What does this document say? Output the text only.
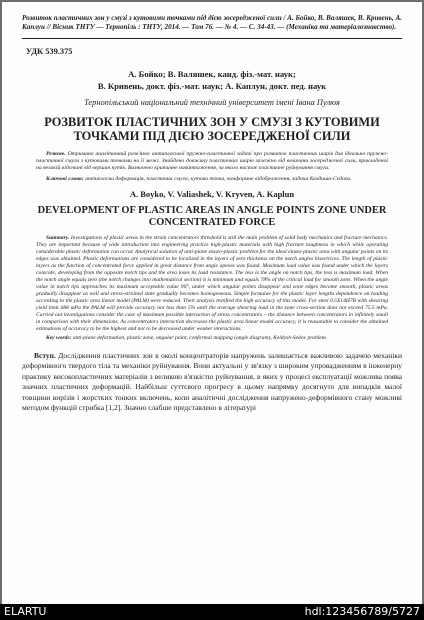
Розвиток пластичних зон у смузі з кутовими точками під дією зосередженої сили / А. Бойко, В. Валяшек, В. Кривень, А. Каплун // Вісник ТНТУ — Тернопіль : ТНТУ, 2014. — Том 76. — № 4. — С. 34-43. — (Механіка та матеріалознавство).

УДК 539.375

А. Бойко; В. Валяшек, канд. фіз.-мат. наук;

В. Кривень, докт. фіз.-мат. наук; А. Каплун, докт. пед. наук

Тернопільський національний технічний університет імені Івана Пулюя

РОЗВИТОК ПЛАСТИЧНИХ ЗОН У СМУЗІ З КУТОВИМИ ТОЧКАМИ ПІД ДІЄЮ ЗОСЕРЕДЖЕНОЇ СИЛИ

Резюме. Отримано аналітичний розв'язок антиплоської пружно-пластичної задачі про розвиток пластичних шарів для ідеально пружно-пластичної смуги з кутовими точками на її межі. Знайдено довжину пластичних шарів залежно від величини зосередженої сили, прикладеної на великій відстані від вершин кутів. Визначено критичне навантаження, за якого настає пластичне руйнування смуги.

Ключові слова: антиплоска деформація, пластична смуга, кутова точка, конформне відображення, задача Келдиша-Сєдова.

A. Boyko, V. Valiashek, V. Kryven, A. Kaplun

DEVELOPMENT OF PLASTIC AREAS IN ANGLE POINTS ZONE UNDER CONCENTRATED FORCE

Summary. Investigations of plastic areas in the strain concentrators threshold is still the main problem of solid body mechanics and fracture mechanics. They are important because of wide introduction into engineering practice high-plastic materials with high fracture toughness in which while operating considerable plastic deformation can occur. Analytical solution of anti-plane elasto-plastic problem for the ideal elasto-plastic area with angular points on its edges was obtained. Plastic deformations are considered to be localized in the layers of zero thickness on the notch angles bisectrices. The length of plastic layers as the function of concentrated force applied in great distance from angle apexes was found. Maximum load value was found under which the layers coincide, developing from the opposite notch tips and the area loses its load resistance. The less is the angle on notch tips, the less is maximum load. When the notch angle equals zero (the notch changes into mathematical section) it is minimum and equals 78% of the critical load for smooth zone. When the angle value in notch tips approaches its maximum acceptable value 90°, under which angular points disappear and zone edges become smooth, plastic areas gradually disappear as well and stress-strained state gradually becomes homogeneous. Simple formulae for the plastic layer lengths dependence on loading according to the plastic area linear model (PALM) were reduced. Their analysis testified the high accuracy of this model. For steel 0.5X14H7B with shearing yield limit 688 mPa the PALM will provide accuracy not less than 5% until the average shearing load in the zone cross-section does not exceed 75.5 mPa. Carried out investigations consider the case of maximum possible interaction of stress concentrators – the distance between concentrators in infinitely small in comparison with their dimensions. As concentrators interaction decreases the plastic area linear model accuracy, it is reasonable to consider the obtained estimations of accuracy to be the highest and not to be decreased under weaker interactions.

Key words: anti-plane deformation, plastic zone, angular point, conformal mapping (angle diagram), Keldysh-Sedov problem.

Вступ. Дослідження пластичних зон в околі концентраторів напружень залишається важливою задачею механіки деформівного твердого тіла та механіки руйнування. Вони актуальні у зв'язку з широким упровадженням в інженерну практику високопластичних матеріалів з великою в'язкістю руйнування, в яких у процесі експлуатації можлива поява значних пластичних деформацій. Найбільш суттєвого прогресу в цьому напрямку досягнуто для випадків малої товщини вирізів і жорстких тонких включень, коли аналітичні дослідження напружено-деформівного стану можливі методом функцій стрибка [1,2]. Значно слабше представлено в літературі

ELARTU	hdl:123456789/5727
